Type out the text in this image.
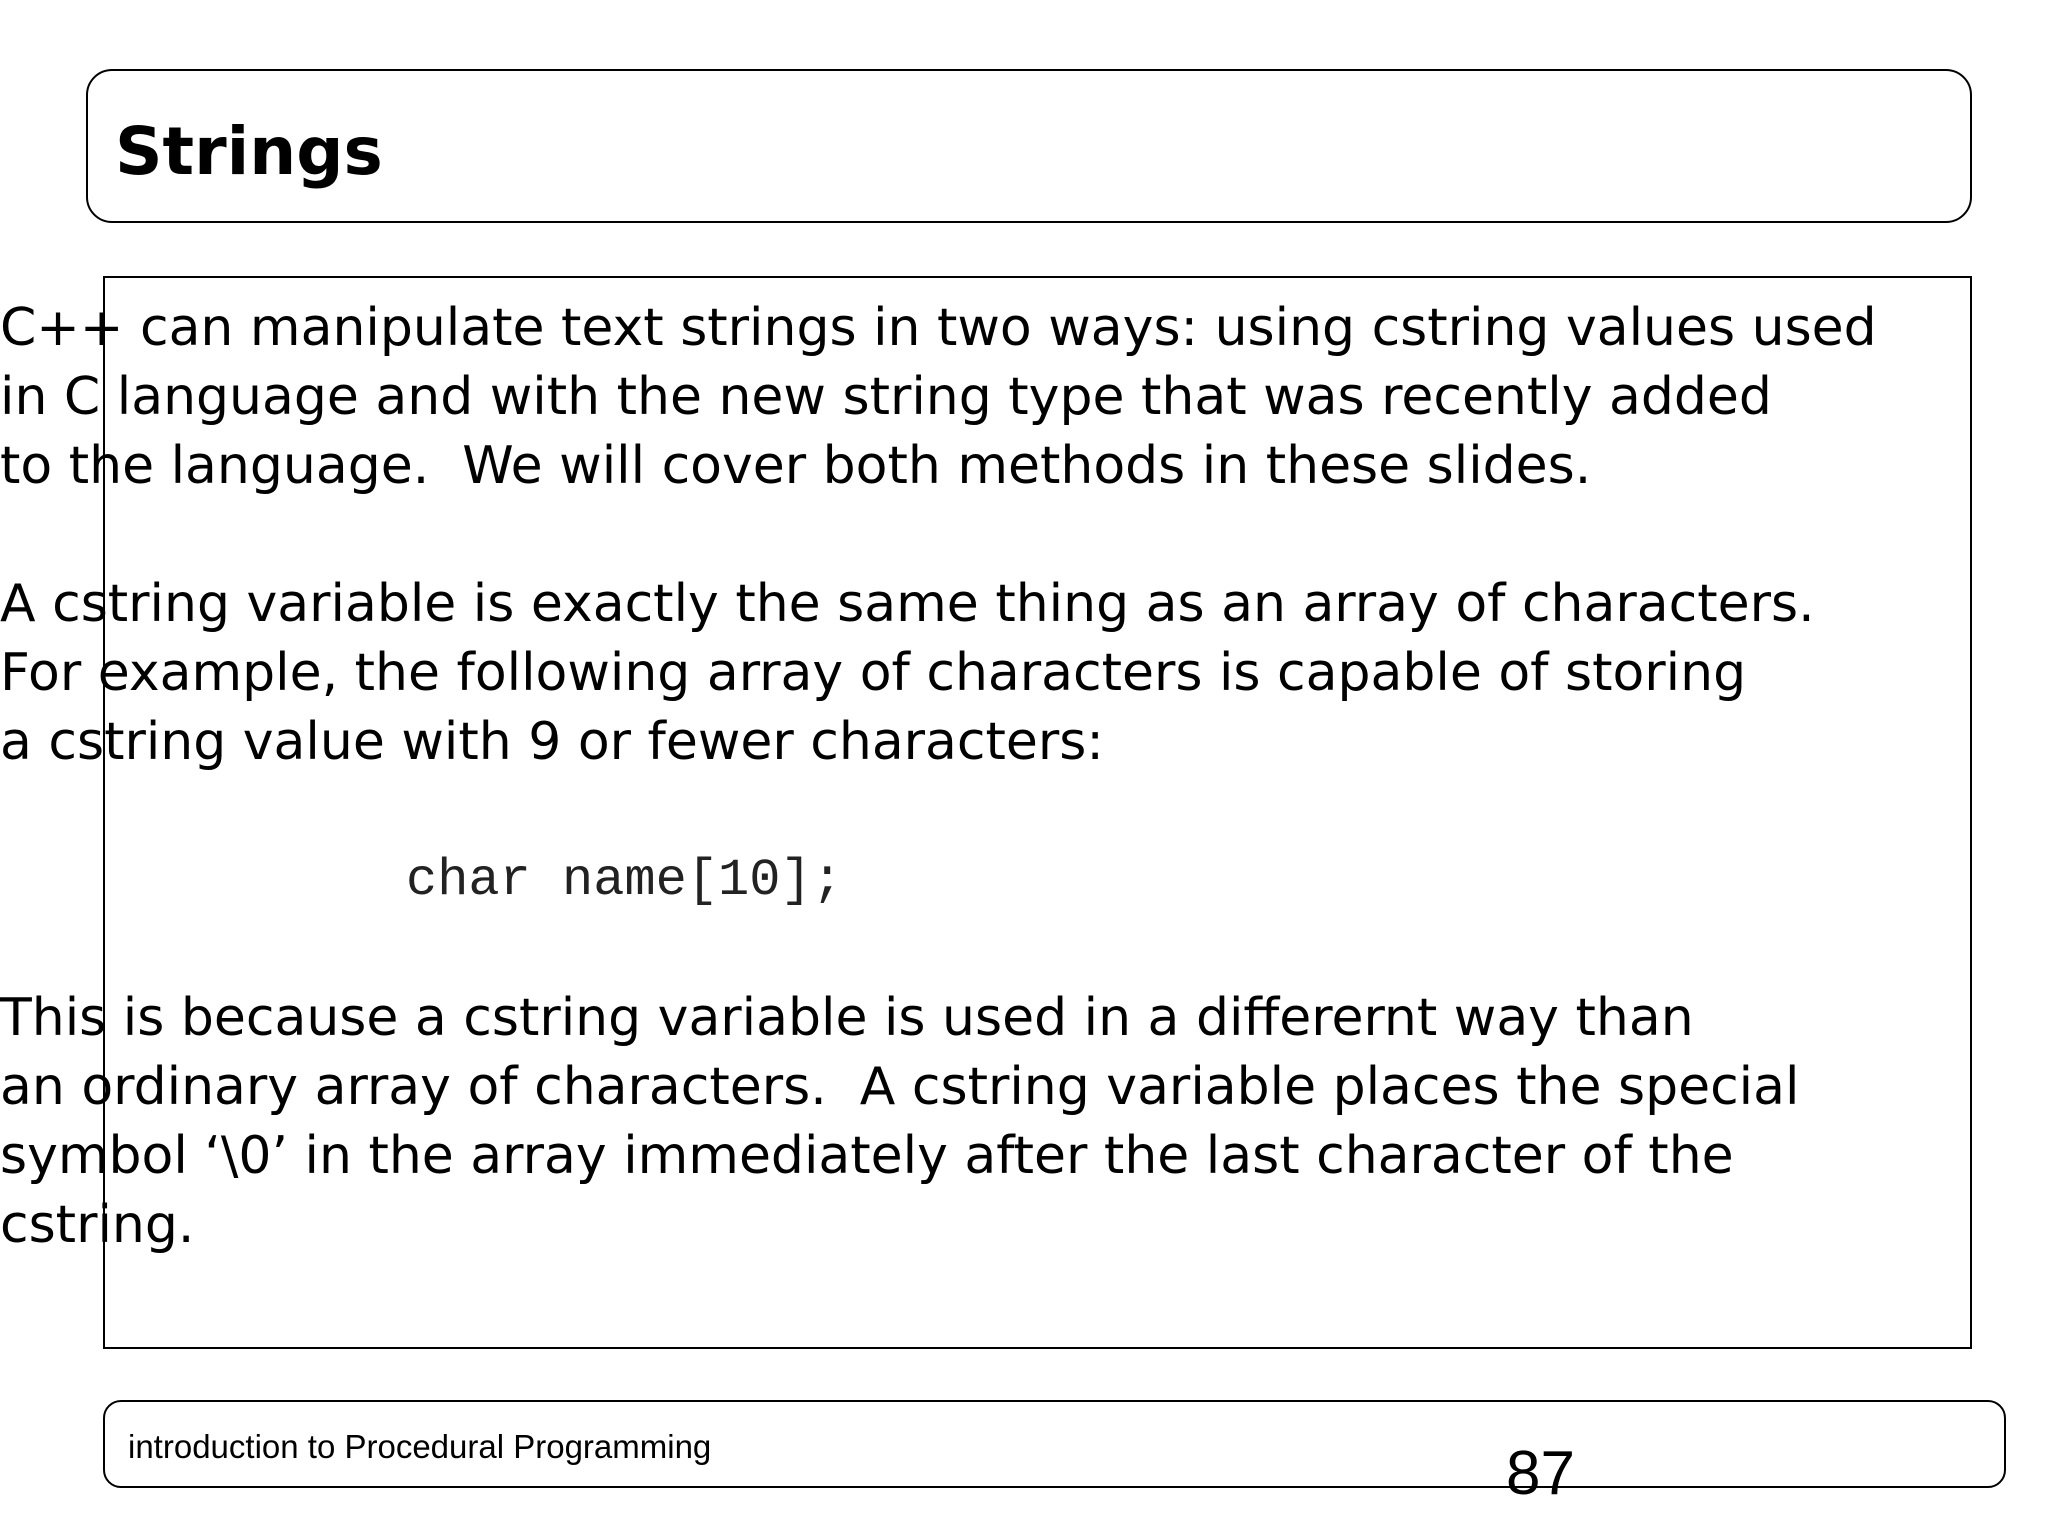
Strings

C++ can manipulate text strings in two ways: using cstring values used

in C language and with the new string type that was recently added

to the language.  We will cover both methods in these slides.

A cstring variable is exactly the same thing as an array of characters.

For example, the following array of characters is capable of storing

a cstring value with 9 or fewer characters:

char name[10];

This is because a cstring variable is used in a differernt way than

an ordinary array of characters.  A cstring variable places the special

symbol ‘\0’ in the array immediately after the last character of the

cstring.

introduction to Procedural Programming	87
